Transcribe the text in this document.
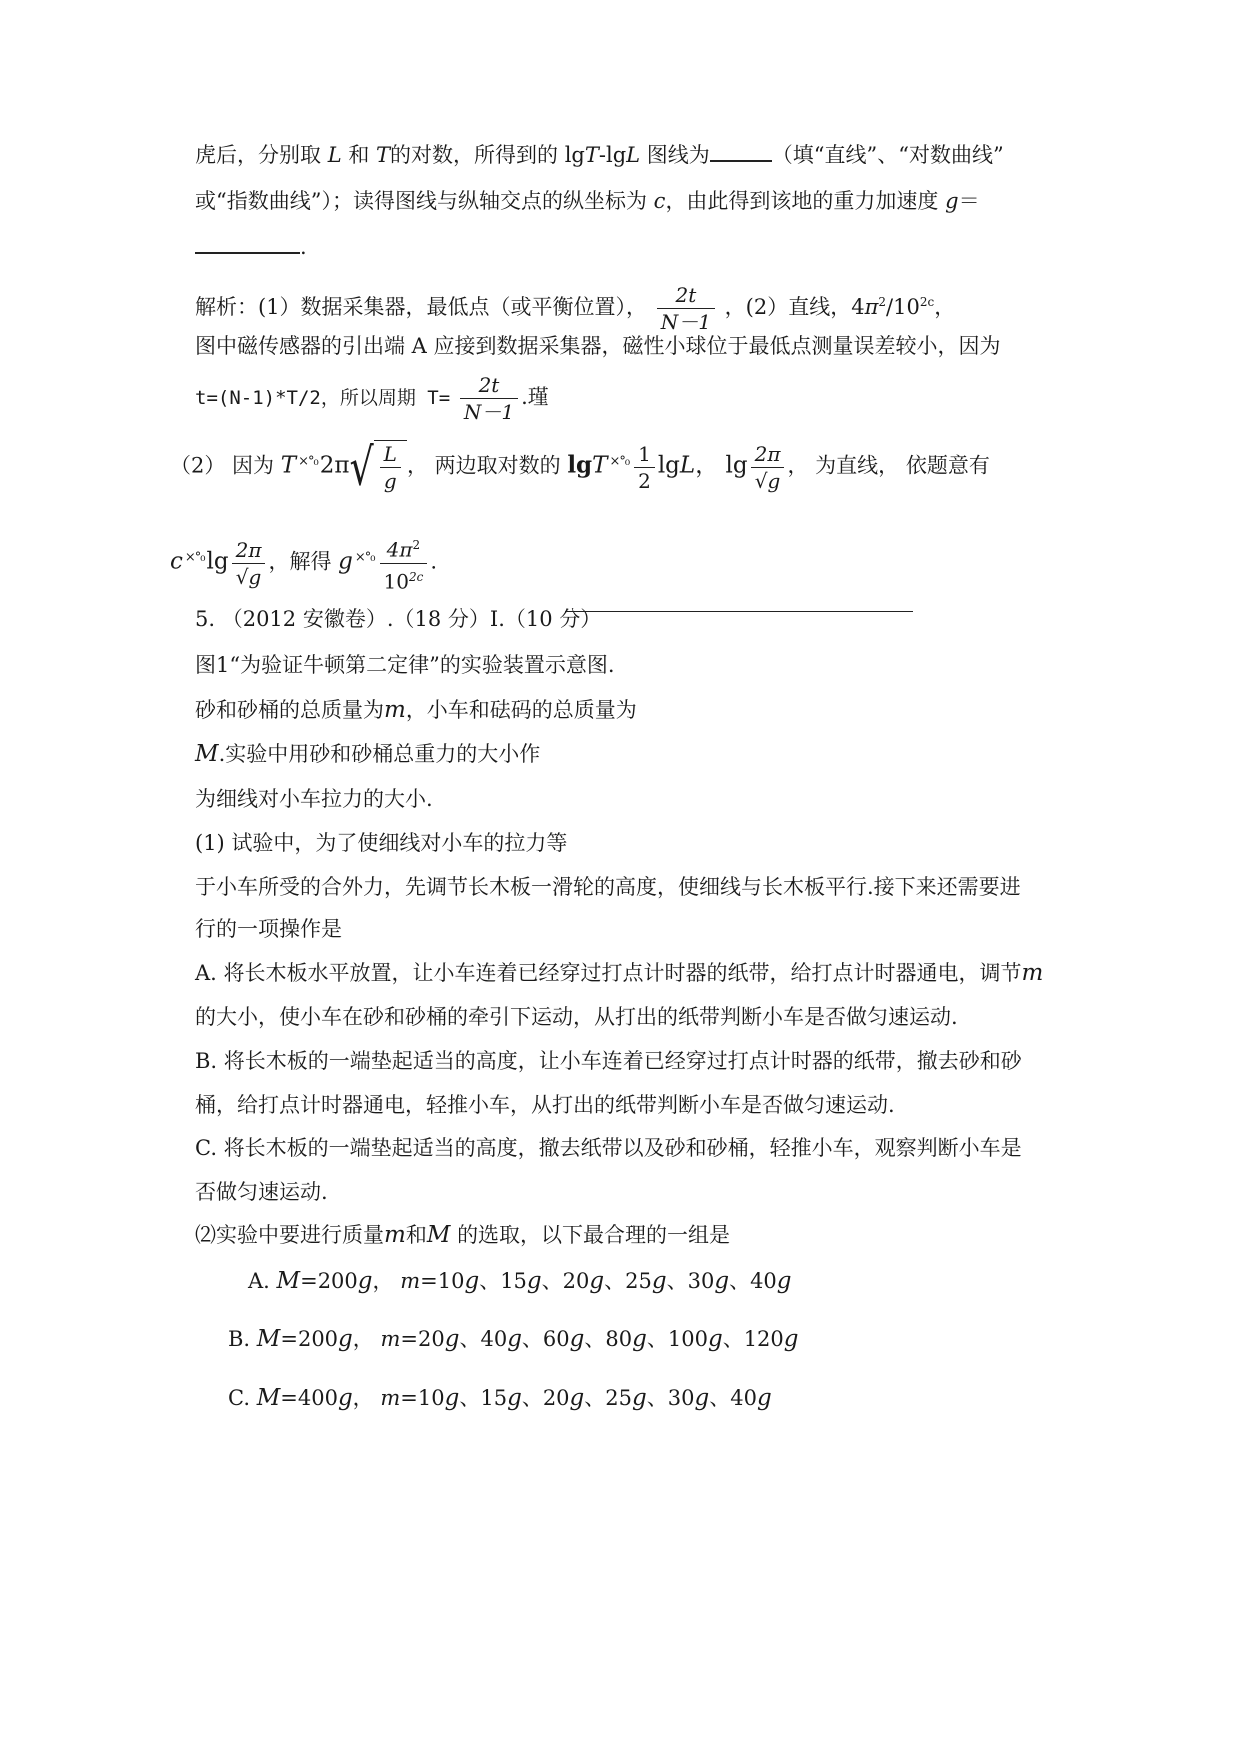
虎后，分别取 L 和 T的对数，所得到的 lgT-lgL 图线为	（填“直线”、“对数曲线”
或“指数曲线”）；读得图线与纵轴交点的纵坐标为 c，由此得到该地的重力加速度 g＝
.
解析：(1）数据采集器，最低点（或平衡位置）， $\frac{2t}{N-1}$ ，(2）直线，$4\pi^2/10^{2c}$，
图中磁传感器的引出端 A 应接到数据采集器，磁性小球位于最低点测量误差较小，因为
t=(N-1)*T/2，所以周期 $T= \frac{2t}{N-1}$ .瑾
（2） 因为 T $^{\times^\circ_0}$2π √ $\frac{L}{g}$ ， 两边取对数的 lgT $^{\times^\circ_0} \frac{1}{2}$ lgL， $\lg \frac{2\pi}{√g}$ ， 为直线， 依题意有
c $^{\times^\circ_0}\lg \frac{2\pi}{√g}$ ，解得 g $^{\times^\circ_0} \frac{4\pi^2}{10^{2c}}$ .
5. （2012 安徽卷）.（18 分）Ⅰ.（10 分）
图1“为验证牛顿第二定律”的实验装置示意图.
砂和砂桶的总质量为m，小车和砝码的总质量为
M.实验中用砂和砂桶总重力的大小作
为细线对小车拉力的大小.
(1) 试验中，为了使细线对小车的拉力等
于小车所受的合外力，先调节长木板一滑轮的高度，使细线与长木板平行.接下来还需要进
行的一项操作是
A. 将长木板水平放置，让小车连着已经穿过打点计时器的纸带，给打点计时器通电，调节m
的大小，使小车在砂和砂桶的牵引下运动，从打出的纸带判断小车是否做匀速运动.
B. 将长木板的一端垫起适当的高度，让小车连着已经穿过打点计时器的纸带，撤去砂和砂
桶，给打点计时器通电，轻推小车，从打出的纸带判断小车是否做匀速运动.
C. 将长木板的一端垫起适当的高度，撤去纸带以及砂和砂桶，轻推小车，观察判断小车是
否做匀速运动.
⑵实验中要进行质量m和M 的选取，以下最合理的一组是
A. M=200g， m=10g、15g、20g、25g、30g、40g
B. M=200g， m=20g、40g、60g、80g、100g、120g
C. M=400g， m=10g、15g、20g、25g、30g、40g
